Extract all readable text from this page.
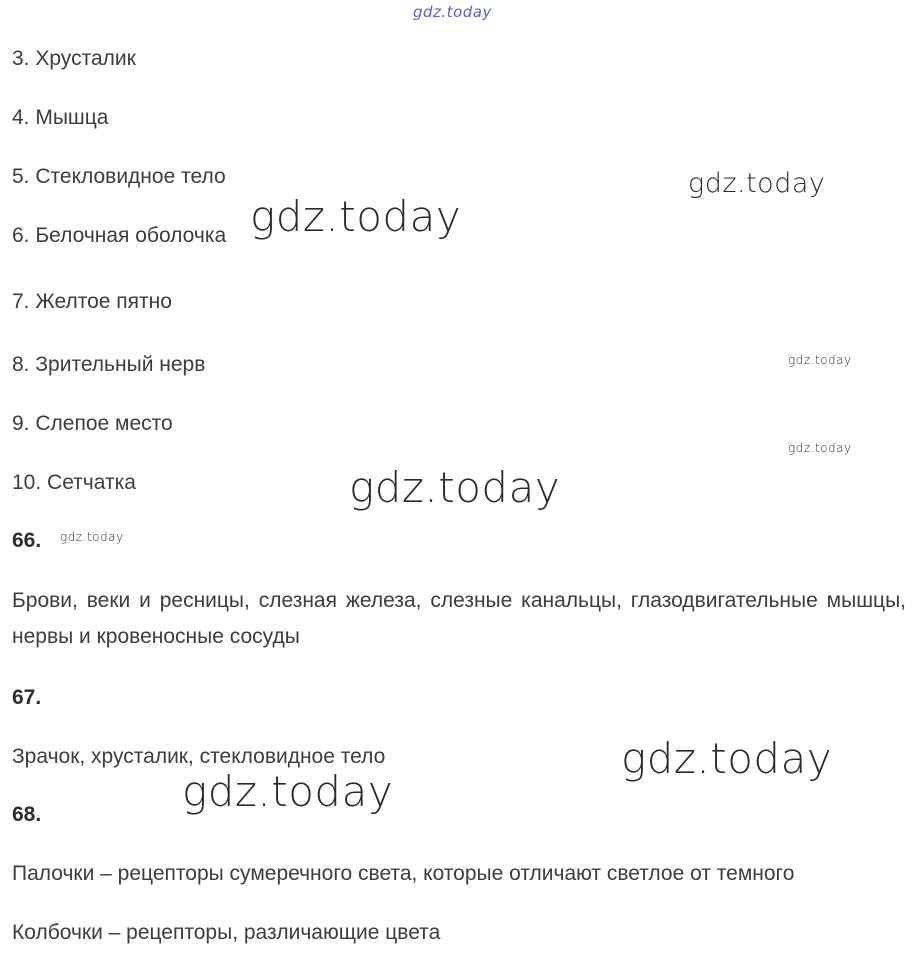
gdz.today
gdz.today
gdz.today
gdz.today
gdz.today
gdz.today
gdz.today
gdz.today
gdz.today
3. Хрусталик
4. Мышца
5. Стекловидное тело
6. Белочная оболочка
7. Желтое пятно
8. Зрительный нерв
9. Слепое место
10. Сетчатка
66.
Брови, веки и ресницы, слезная железа, слезные канальцы, глазодвигательные мышцы, нервы и кровеносные сосуды
67.
Зрачок, хрусталик, стекловидное тело
68.
Палочки – рецепторы сумеречного света, которые отличают светлое от темного
Колбочки – рецепторы, различающие цвета
